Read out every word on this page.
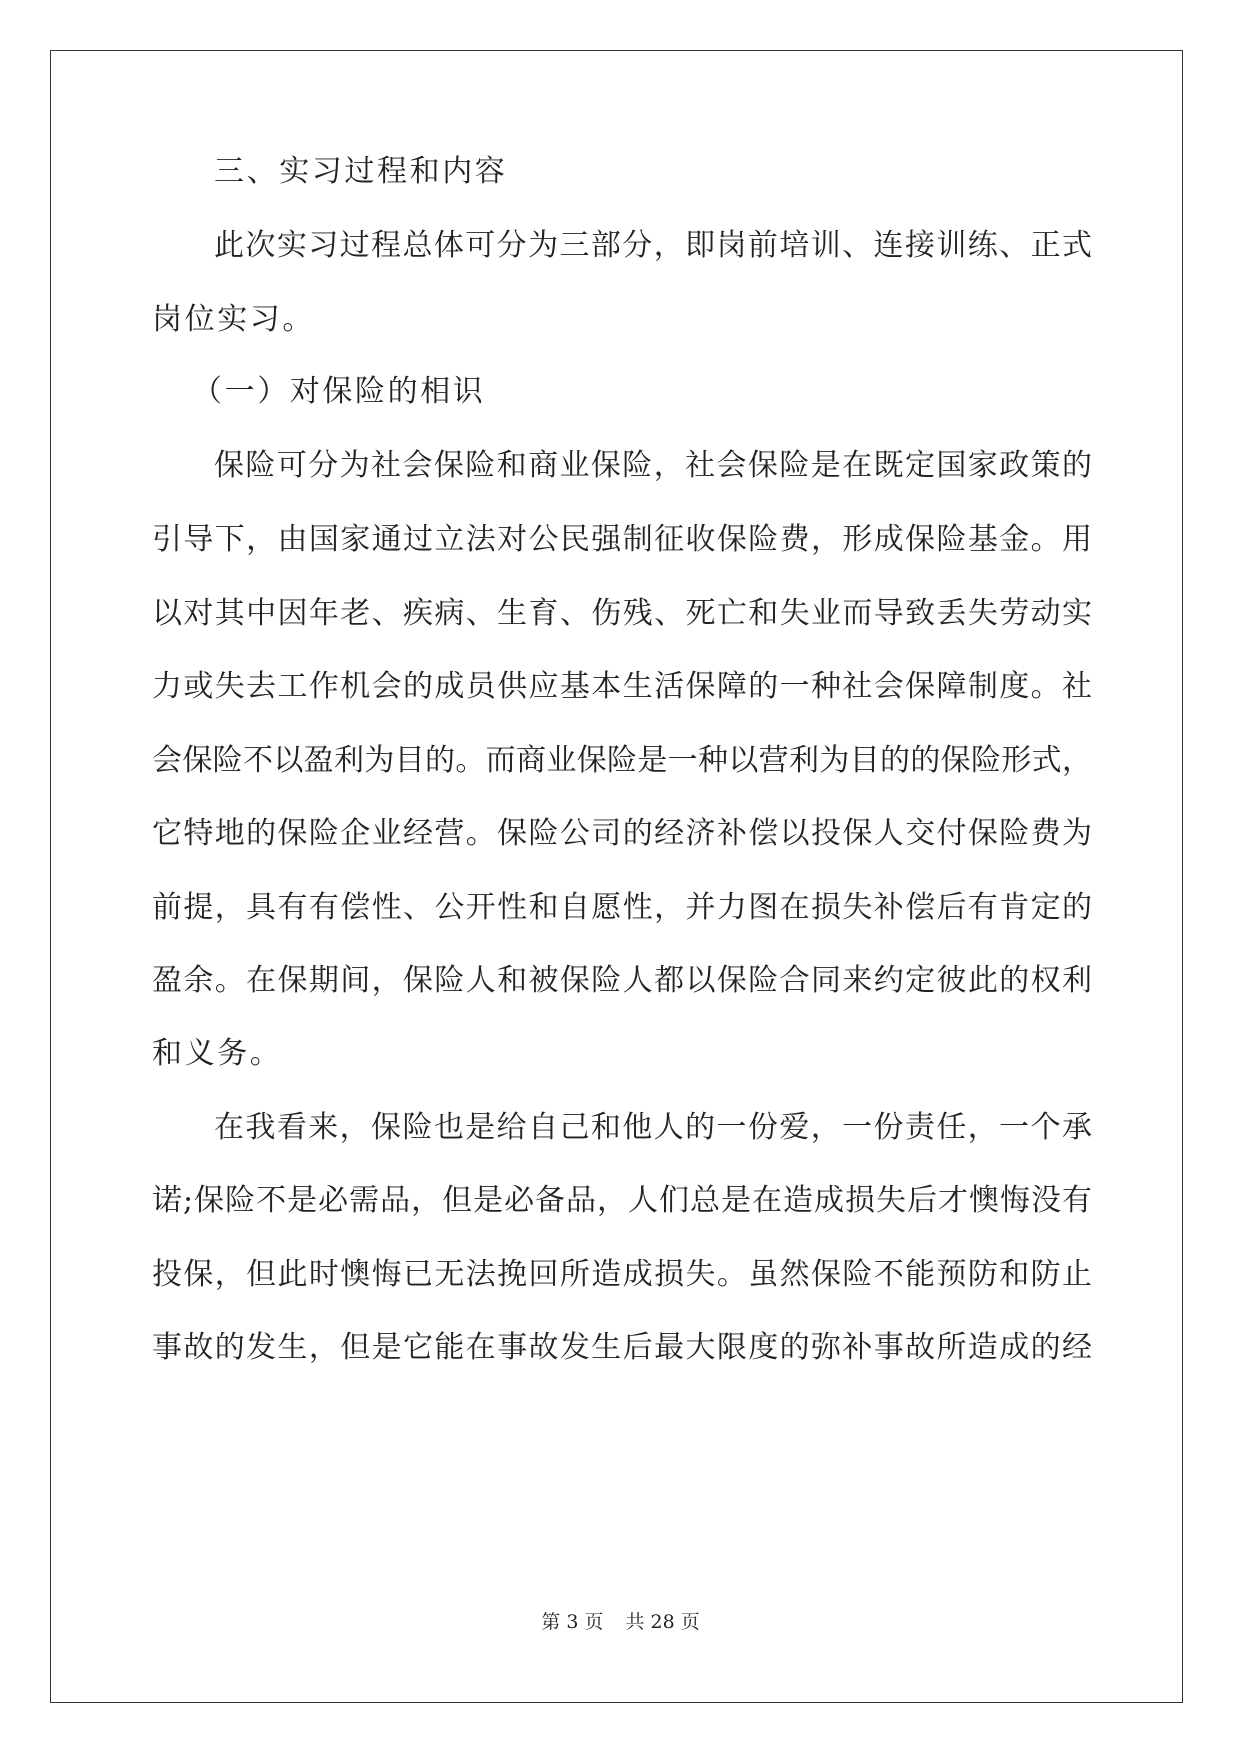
三、实习过程和内容
此次实习过程总体可分为三部分，即岗前培训、连接训练、正式
岗位实习。
（一）对保险的相识
保险可分为社会保险和商业保险，社会保险是在既定国家政策的
引导下，由国家通过立法对公民强制征收保险费，形成保险基金。用
以对其中因年老、疾病、生育、伤残、死亡和失业而导致丢失劳动实
力或失去工作机会的成员供应基本生活保障的一种社会保障制度。社
会保险不以盈利为目的。而商业保险是一种以营利为目的的保险形式，
它特地的保险企业经营。保险公司的经济补偿以投保人交付保险费为
前提，具有有偿性、公开性和自愿性，并力图在损失补偿后有肯定的
盈余。在保期间，保险人和被保险人都以保险合同来约定彼此的权利
和义务。
在我看来，保险也是给自己和他人的一份爱，一份责任，一个承
诺;保险不是必需品，但是必备品，人们总是在造成损失后才懊悔没有
投保，但此时懊悔已无法挽回所造成损失。虽然保险不能预防和防止
事故的发生，但是它能在事故发生后最大限度的弥补事故所造成的经
第 3 页 共 28 页
